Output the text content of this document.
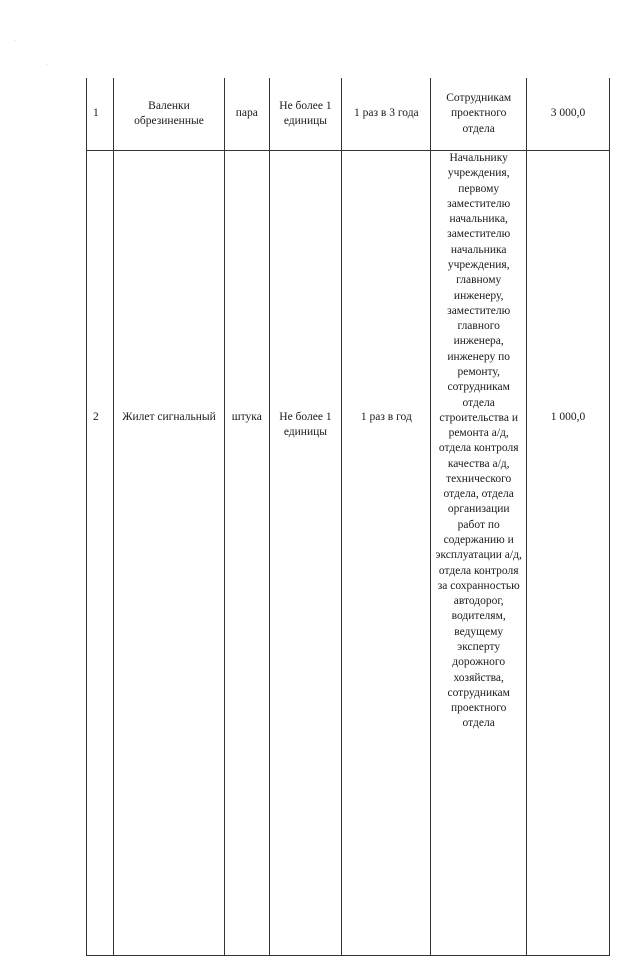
·
·
1	Валенки обрезиненные	пара	Не более 1 единицы	1 раз в 3 года	Сотрудникам проектного отдела	3 000,0
2	Жилет сигнальный	штука	Не более 1 единицы	1 раз в год	Начальнику учреждения, первому заместителю начальника, заместителю начальника учреждения, главному инженеру, заместителю главного инженера, инженеру по ремонту, сотрудникам отдела строительства и ремонта а/д, отдела контроля качества а/д, технического отдела, отдела организации работ по содержанию и эксплуатации а/д, отдела контроля за сохранностью автодорог, водителям, ведущему эксперту дорожного хозяйства, сотрудникам проектного отдела	1 000,0
